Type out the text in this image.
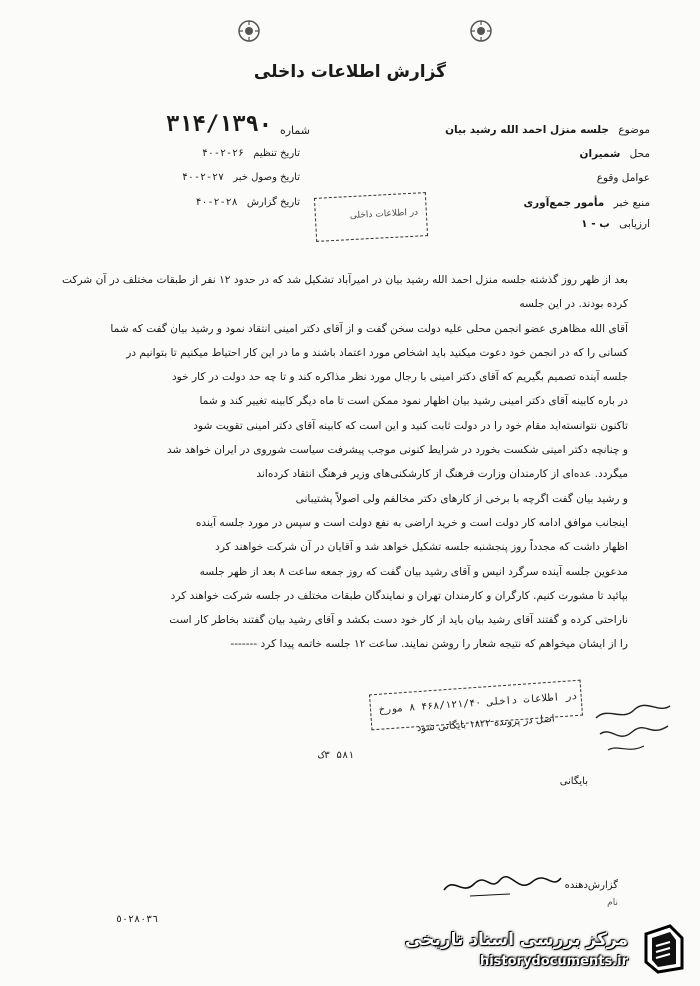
گزارش اطلاعات داخلی
۳۱۴/۱۳۹۰ شماره
تاریخ تنظیم ۲۶-۲-۴۰
تاریخ وصول خبر ۲۷-۲-۴۰
تاریخ گزارش ۲۸-۲-۴۰
موضوع جلسه منزل احمد الله رشید بیان
محل شمیران
عوامل وقوع
منبع خبر مأمور جمع‌آوری
ارزیابی ب - ۱
در اطلاعات داخلی

بعد از ظهر روز گذشته جلسه منزل احمد الله رشید بیان در امیرآباد تشکیل شد که در حدود ۱۲ نفر از طبقات مختلف در آن شرکت کرده بودند. در این جلسه

آقای الله مظاهری عضو انجمن محلی علیه دولت سخن گفت و از آقای دکتر امینی انتقاد نمود و رشید بیان گفت که شما

کسانی را که در انجمن خود دعوت میکنید باید اشخاص مورد اعتماد باشند و ما در این کار احتیاط میکنیم تا بتوانیم در

جلسه آینده تصمیم بگیریم که آقای دکتر امینی با رجال مورد نظر مذاکره کند و تا چه حد دولت در کار خود

در باره کابینه آقای دکتر امینی رشید بیان اظهار نمود ممکن است تا ماه دیگر کابینه تغییر کند و شما

تاکنون نتوانسته‌اید مقام خود را در دولت ثابت کنید و این است که کابینه آقای دکتر امینی تقویت شود

و چنانچه دکتر امینی شکست بخورد در شرایط کنونی موجب پیشرفت سیاست شوروی در ایران خواهد شد

میگردد. عده‌ای از کارمندان وزارت فرهنگ از کارشکنی‌های وزیر فرهنگ انتقاد کرده‌اند

و رشید بیان گفت اگرچه با برخی از کارهای دکتر مخالفم ولی اصولاً پشتیبانی

اینجانب موافق ادامه کار دولت است و خرید اراضی به نفع دولت است و سپس در مورد جلسه آینده

اظهار داشت که مجدداً روز پنجشنبه جلسه تشکیل خواهد شد و آقایان در آن شرکت خواهند کرد

مدعوین جلسه آینده سرگرد انیس و آقای رشید بیان گفت که روز جمعه ساعت ۸ بعد از ظهر جلسه

بپائید تا مشورت کنیم. کارگران و کارمندان تهران و نمایندگان طبقات مختلف در جلسه شرکت خواهند کرد

ناراحتی کرده و گفتند آقای رشید بیان باید از کار خود دست بکشد و آقای رشید بیان گفتند بخاطر کار است

را از ایشان میخواهم که نتیجه شعار را روشن نمایند. ساعت ۱۲ جلسه خاتمه پیدا کرد -------

در اطلاعات داخلی ۴۶۸/۱۲۱/۴۰ ۸ مورخ
اصل در پرونده ۱۸۲۲ بایگانی شود
۵۸۱ ۳ک
بایگانی
گزارش‌دهنده
نام
٥٠٢٨٠٣٦
مرکز بررسی اسناد تاریخی
historydocuments.ir
